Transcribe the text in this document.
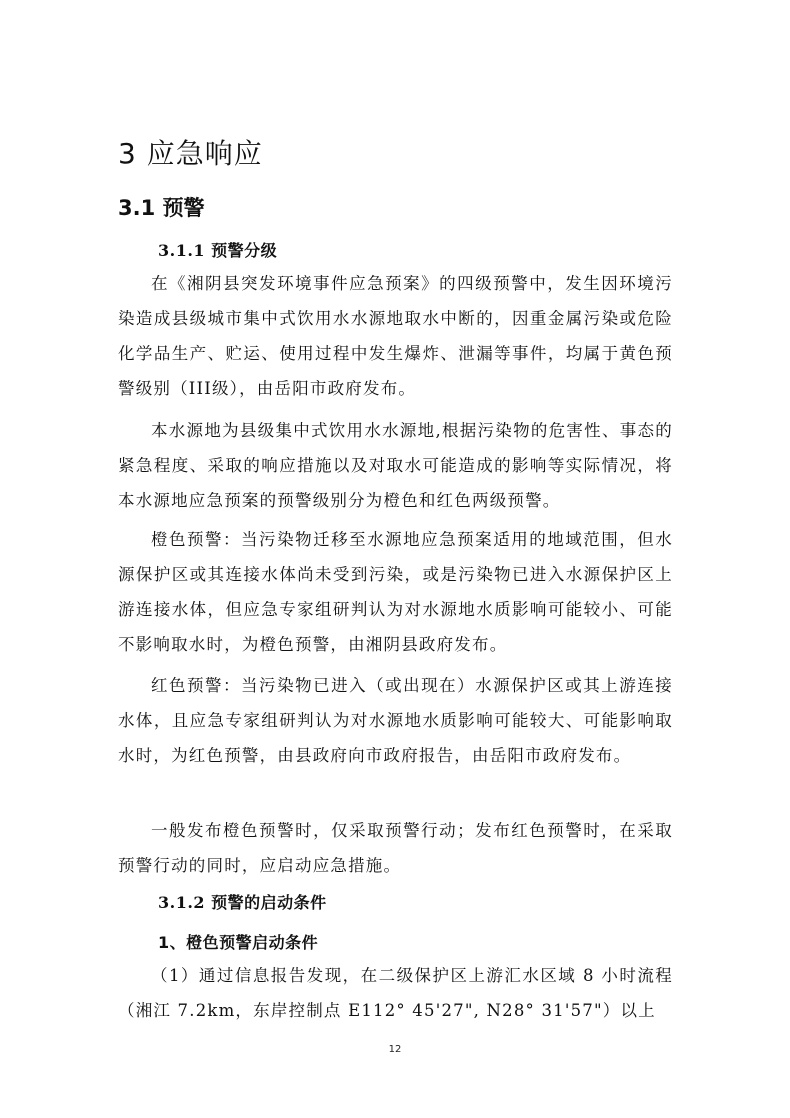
3 应急响应
3.1 预警
3.1.1 预警分级

在《湘阴县突发环境事件应急预案》的四级预警中，发生因环境污染造成县级城市集中式饮用水水源地取水中断的，因重金属污染或危险化学品生产、贮运、使用过程中发生爆炸、泄漏等事件，均属于黄色预警级别（III级），由岳阳市政府发布。

本水源地为县级集中式饮用水水源地,根据污染物的危害性、事态的紧急程度、采取的响应措施以及对取水可能造成的影响等实际情况，将本水源地应急预案的预警级别分为橙色和红色两级预警。

橙色预警：当污染物迁移至水源地应急预案适用的地域范围，但水源保护区或其连接水体尚未受到污染，或是污染物已进入水源保护区上游连接水体，但应急专家组研判认为对水源地水质影响可能较小、可能不影响取水时，为橙色预警，由湘阴县政府发布。

红色预警：当污染物已进入（或出现在）水源保护区或其上游连接水体，且应急专家组研判认为对水源地水质影响可能较大、可能影响取水时，为红色预警，由县政府向市政府报告，由岳阳市政府发布。

一般发布橙色预警时，仅采取预警行动；发布红色预警时，在采取预警行动的同时，应启动应急措施。

3.1.2 预警的启动条件
1、橙色预警启动条件

（1）通过信息报告发现，在二级保护区上游汇水区域 8 小时流程（湘江 7.2km，东岸控制点 E112° 45'27", N28° 31'57"）以上

12
